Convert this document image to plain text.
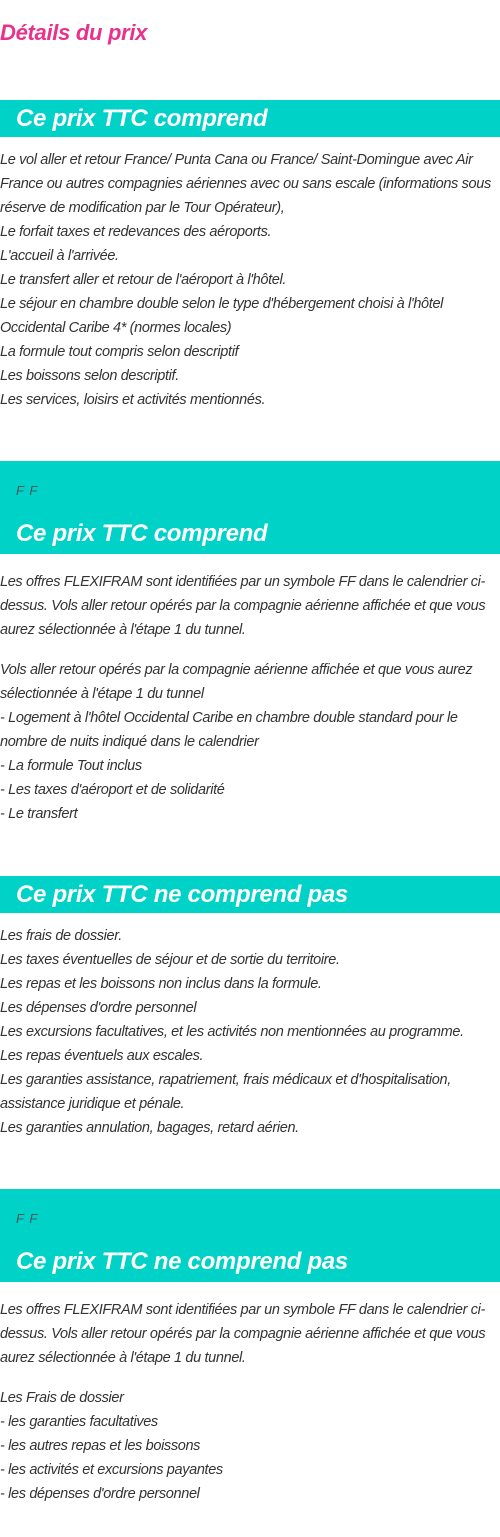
Détails du prix
Ce prix TTC comprend

Le vol aller et retour France/ Punta Cana ou France/ Saint-Domingue avec Air
France ou autres compagnies aériennes avec ou sans escale (informations sous
réserve de modification par le Tour Opérateur),
Le forfait taxes et redevances des aéroports.
L'accueil à l'arrivée.
Le transfert aller et retour de l'aéroport à l'hôtel.
Le séjour en chambre double selon le type d'hébergement choisi à l'hôtel
Occidental Caribe 4* (normes locales)
La formule tout compris selon descriptif
Les boissons selon descriptif.
Les services, loisirs et activités mentionnés.

F F
Ce prix TTC comprend

Les offres FLEXIFRAM sont identifiées par un symbole FF dans le calendrier ci-
dessus. Vols aller retour opérés par la compagnie aérienne affichée et que vous
aurez sélectionnée à l'étape 1 du tunnel.

Vols aller retour opérés par la compagnie aérienne affichée et que vous aurez
sélectionnée à l'étape 1 du tunnel
- Logement à l'hôtel Occidental Caribe en chambre double standard pour le
nombre de nuits indiqué dans le calendrier
- La formule Tout inclus
- Les taxes d'aéroport et de solidarité
- Le transfert

Ce prix TTC ne comprend pas

Les frais de dossier.
Les taxes éventuelles de séjour et de sortie du territoire.
Les repas et les boissons non inclus dans la formule.
Les dépenses d'ordre personnel
Les excursions facultatives, et les activités non mentionnées au programme.
Les repas éventuels aux escales.
Les garanties assistance, rapatriement, frais médicaux et d'hospitalisation,
assistance juridique et pénale.
Les garanties annulation, bagages, retard aérien.

F F
Ce prix TTC ne comprend pas

Les offres FLEXIFRAM sont identifiées par un symbole FF dans le calendrier ci-
dessus. Vols aller retour opérés par la compagnie aérienne affichée et que vous
aurez sélectionnée à l'étape 1 du tunnel.

Les Frais de dossier
- les garanties facultatives
- les autres repas et les boissons
- les activités et excursions payantes
- les dépenses d'ordre personnel
